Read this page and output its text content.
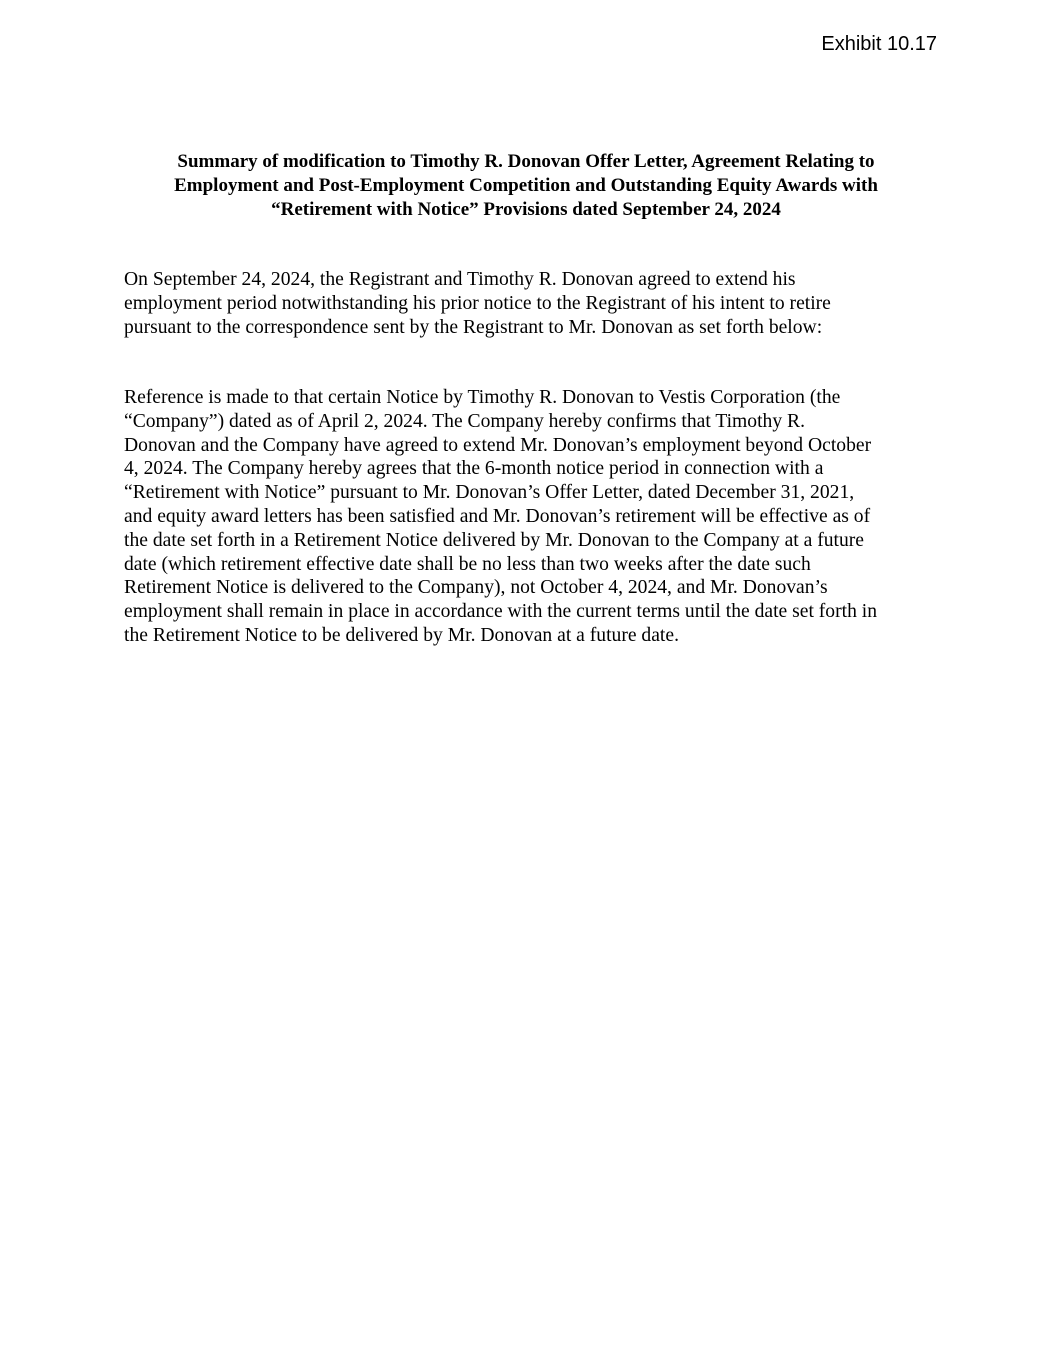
Exhibit 10.17

Summary of modification to Timothy R. Donovan Offer Letter, Agreement Relating to
Employment and Post-Employment Competition and Outstanding Equity Awards with
“Retirement with Notice” Provisions dated September 24, 2024

On September 24, 2024, the Registrant and Timothy R. Donovan agreed to extend his
employment period notwithstanding his prior notice to the Registrant of his intent to retire
pursuant to the correspondence sent by the Registrant to Mr. Donovan as set forth below:

Reference is made to that certain Notice by Timothy R. Donovan to Vestis Corporation (the
“Company”) dated as of April 2, 2024. The Company hereby confirms that Timothy R.
Donovan and the Company have agreed to extend Mr. Donovan’s employment beyond October
4, 2024. The Company hereby agrees that the 6-month notice period in connection with a
“Retirement with Notice” pursuant to Mr. Donovan’s Offer Letter, dated December 31, 2021,
and equity award letters has been satisfied and Mr. Donovan’s retirement will be effective as of
the date set forth in a Retirement Notice delivered by Mr. Donovan to the Company at a future
date (which retirement effective date shall be no less than two weeks after the date such
Retirement Notice is delivered to the Company), not October 4, 2024, and Mr. Donovan’s
employment shall remain in place in accordance with the current terms until the date set forth in
the Retirement Notice to be delivered by Mr. Donovan at a future date.
